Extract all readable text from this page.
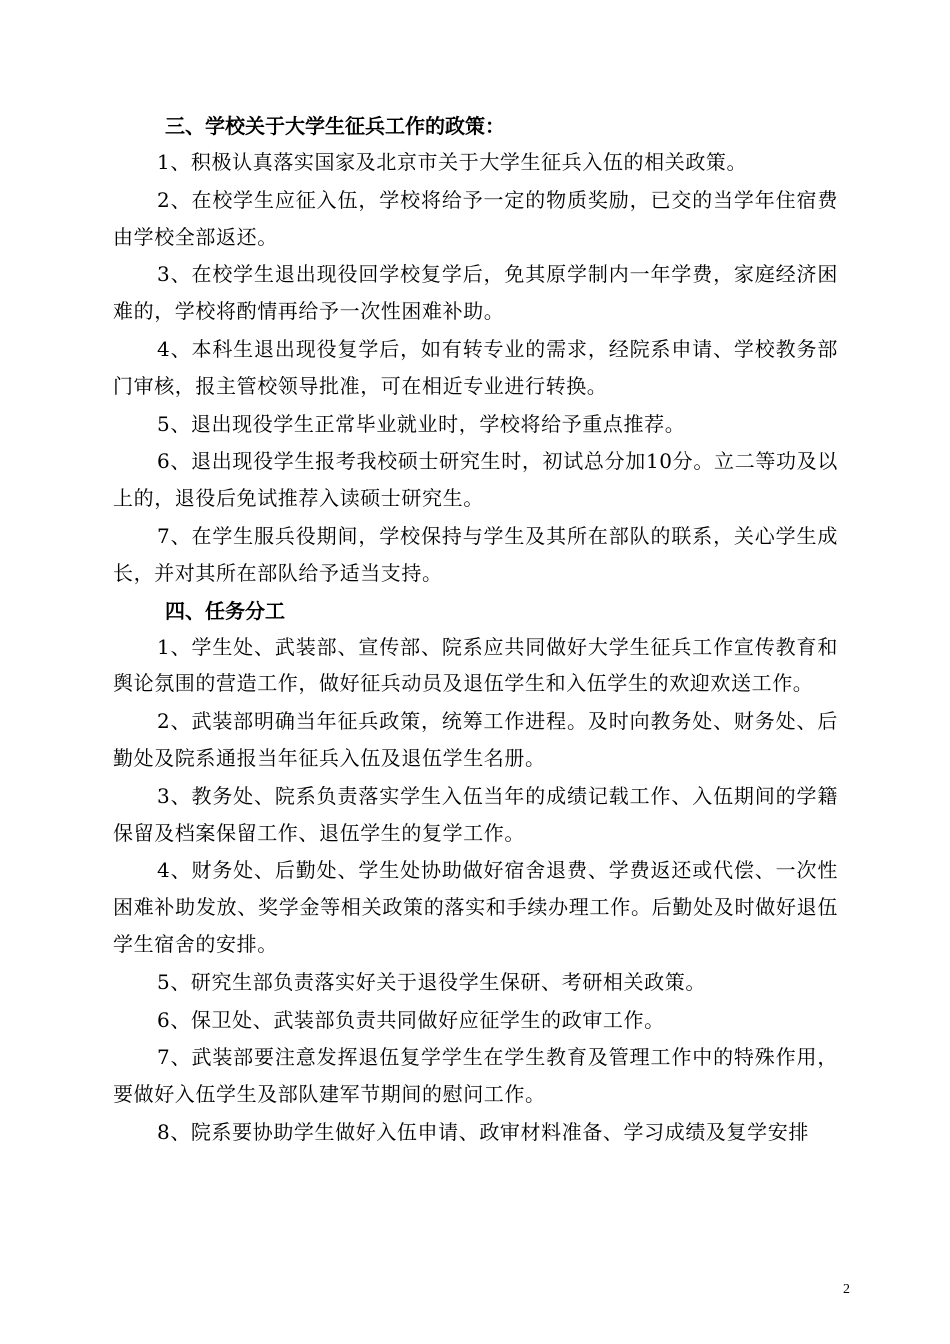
三、学校关于大学生征兵工作的政策：

1、积极认真落实国家及北京市关于大学生征兵入伍的相关政策。

2、在校学生应征入伍，学校将给予一定的物质奖励，已交的当学年住宿费由学校全部返还。

3、在校学生退出现役回学校复学后，免其原学制内一年学费，家庭经济困难的，学校将酌情再给予一次性困难补助。

4、本科生退出现役复学后，如有转专业的需求，经院系申请、学校教务部门审核，报主管校领导批准，可在相近专业进行转换。

5、退出现役学生正常毕业就业时，学校将给予重点推荐。

6、退出现役学生报考我校硕士研究生时，初试总分加10分。立二等功及以上的，退役后免试推荐入读硕士研究生。

7、在学生服兵役期间，学校保持与学生及其所在部队的联系，关心学生成长，并对其所在部队给予适当支持。

四、任务分工

1、学生处、武装部、宣传部、院系应共同做好大学生征兵工作宣传教育和舆论氛围的营造工作，做好征兵动员及退伍学生和入伍学生的欢迎欢送工作。

2、武装部明确当年征兵政策，统筹工作进程。及时向教务处、财务处、后勤处及院系通报当年征兵入伍及退伍学生名册。

3、教务处、院系负责落实学生入伍当年的成绩记载工作、入伍期间的学籍保留及档案保留工作、退伍学生的复学工作。

4、财务处、后勤处、学生处协助做好宿舍退费、学费返还或代偿、一次性困难补助发放、奖学金等相关政策的落实和手续办理工作。后勤处及时做好退伍学生宿舍的安排。

5、研究生部负责落实好关于退役学生保研、考研相关政策。

6、保卫处、武装部负责共同做好应征学生的政审工作。

7、武装部要注意发挥退伍复学学生在学生教育及管理工作中的特殊作用，要做好入伍学生及部队建军节期间的慰问工作。

8、院系要协助学生做好入伍申请、政审材料准备、学习成绩及复学安排

2
